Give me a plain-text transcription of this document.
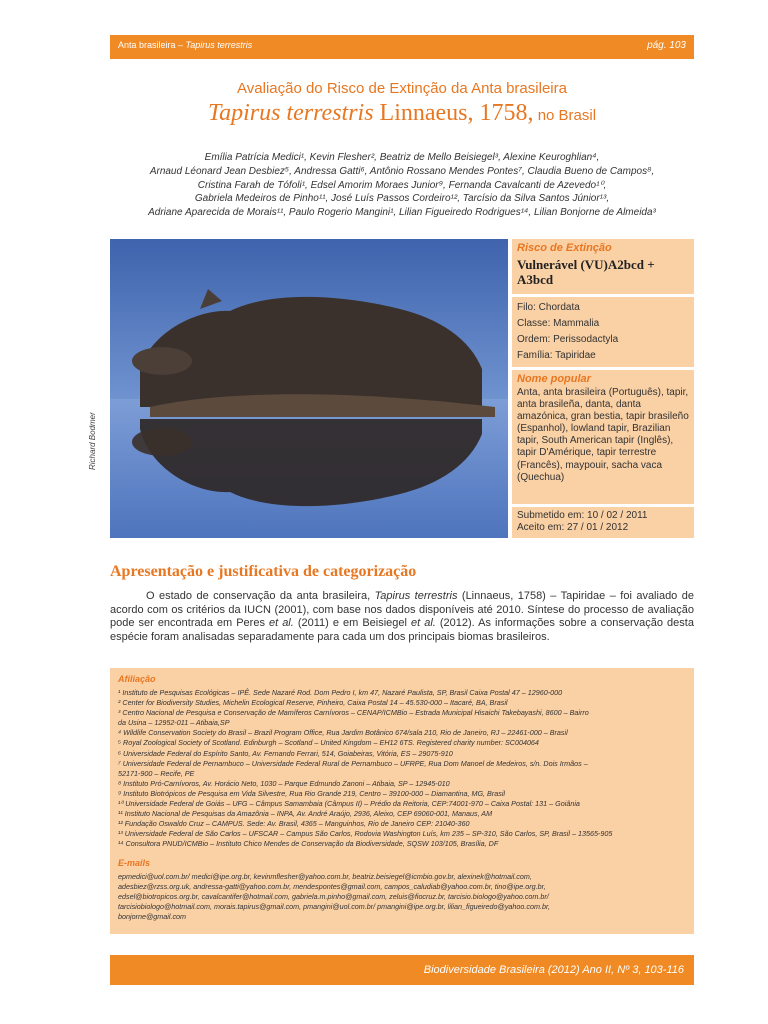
Anta brasileira – Tapirus terrestris	pág. 103
Avaliação do Risco de Extinção da Anta brasileira
Tapirus terrestris Linnaeus, 1758, no Brasil
Emília Patrícia Medici¹, Kevin Flesher², Beatriz de Mello Beisiegel³, Alexine Keuroghlian⁴,
Arnaud Léonard Jean Desbiez⁵, Andressa Gatti⁶, Antônio Rossano Mendes Pontes⁷, Claudia Bueno de Campos⁸,
Cristina Farah de Tófoli¹, Edsel Amorim Moraes Junior⁹, Fernanda Cavalcanti de Azevedo¹⁰,
Gabriela Medeiros de Pinho¹¹, José Luís Passos Cordeiro¹², Tarcísio da Silva Santos Júnior¹³,
Adriane Aparecida de Morais¹¹, Paulo Rogerio Mangini¹, Lilian Figueiredo Rodrigues¹⁴, Lilian Bonjorne de Almeida³
Richard Bodmer
Risco de Extinção
Vulnerável (VU)A2bcd + A3bcd
Filo: Chordata
Classe: Mammalia
Ordem: Perissodactyla
Família: Tapiridae
Nome popular
Anta, anta brasileira (Português), tapir, anta brasileña, danta, danta amazónica, gran bestia, tapir brasileño (Espanhol), lowland tapir, Brazilian tapir, South American tapir (Inglês), tapir D'Amérique, tapir terrestre (Francês), maypouir, sacha vaca (Quechua)
Submetido em: 10 / 02 / 2011
Aceito em: 27 / 01 / 2012
Apresentação e justificativa de categorização
O estado de conservação da anta brasileira, Tapirus terrestris (Linnaeus, 1758) – Tapiridae – foi avaliado de acordo com os critérios da IUCN (2001), com base nos dados disponíveis até 2010. Síntese do processo de avaliação pode ser encontrada em Peres et al. (2011) e em Beisiegel et al. (2012). As informações sobre a conservação desta espécie foram analisadas separadamente para cada um dos principais biomas brasileiros.
Afiliação
¹ Instituto de Pesquisas Ecológicas – IPÊ. Sede Nazaré Rod. Dom Pedro I, km 47, Nazaré Paulista, SP, Brasil Caixa Postal 47 – 12960-000
² Center for Biodiversity Studies, Michelin Ecological Reserve, Pinheiro, Caixa Postal 14 – 45.530-000 – Itacaré, BA, Brasil
³ Centro Nacional de Pesquisa e Conservação de Mamíferos Carnívoros – CENAP/ICMBio – Estrada Municipal Hisaichi Takebayashi, 8600 – Bairro
da Usina – 12952-011 – Atibaia,SP
⁴ Wildlife Conservation Society do Brasil – Brazil Program Office, Rua Jardim Botânico 674/sala 210, Rio de Janeiro, RJ – 22461-000 – Brasil
⁵ Royal Zoological Society of Scotland. Edinburgh – Scotland – United Kingdom – EH12 6TS. Registered charity number: SC004064
⁶ Universidade Federal do Espírito Santo, Av. Fernando Ferrari, 514, Goiabeiras, Vitória, ES – 29075-910
⁷ Universidade Federal de Pernambuco – Universidade Federal Rural de Pernambuco – UFRPE, Rua Dom Manoel de Medeiros, s/n. Dois Irmãos –
52171-900 – Recife, PE
⁸ Instituto Pró-Carnívoros, Av. Horácio Neto, 1030 – Parque Edmundo Zanoni – Atibaia, SP – 12945-010
⁹ Instituto Biotrópicos de Pesquisa em Vida Silvestre, Rua Rio Grande 219, Centro – 39100-000 – Diamantina, MG, Brasil
¹⁰ Universidade Federal de Goiás – UFG – Câmpus Samambaia (Câmpus II) – Prédio da Reitoria, CEP:74001-970 – Caixa Postal: 131 – Goiânia
¹¹ Instituto Nacional de Pesquisas da Amazônia – INPA, Av. André Araújo, 2936, Aleixo, CEP 69060-001, Manaus, AM
¹² Fundação Oswaldo Cruz – CAMPUS. Sede: Av. Brasil, 4365 – Manguinhos, Rio de Janeiro CEP: 21040-360
¹³ Universidade Federal de São Carlos – UFSCAR – Campus São Carlos, Rodovia Washington Luís, km 235 – SP-310, São Carlos, SP, Brasil – 13565-905
¹⁴ Consultora PNUD/ICMBio – Instituto Chico Mendes de Conservação da Biodiversidade, SQSW 103/105, Brasília, DF
E-mails
epmedici@uol.com.br/ medici@ipe.org.br, kevinmflesher@yahoo.com.br, beatriz.beisiegel@icmbio.gov.br, alexinek@hotmail.com,
adesbiez@rzss.org.uk, andressa-gatti@yahoo.com.br, mendespontes@gmail.com, campos_caludiab@yahoo.com.br, tino@ipe.org.br,
edsel@biotropicos.org.br, cavalcantifer@hotmail.com, gabriela.m.pinho@gmail.com, zeluis@fiocruz.br, tarcisio.biologo@yahoo.com.br/
tarcisiobiologo@hotmail.com, morais.tapirus@gmail.com, pmangini@uol.com.br/ pmangini@ipe.org.br, lilian_figueiredo@yahoo.com.br,
bonjorne@gmail.com
Biodiversidade Brasileira (2012) Ano II, Nº 3, 103-116
